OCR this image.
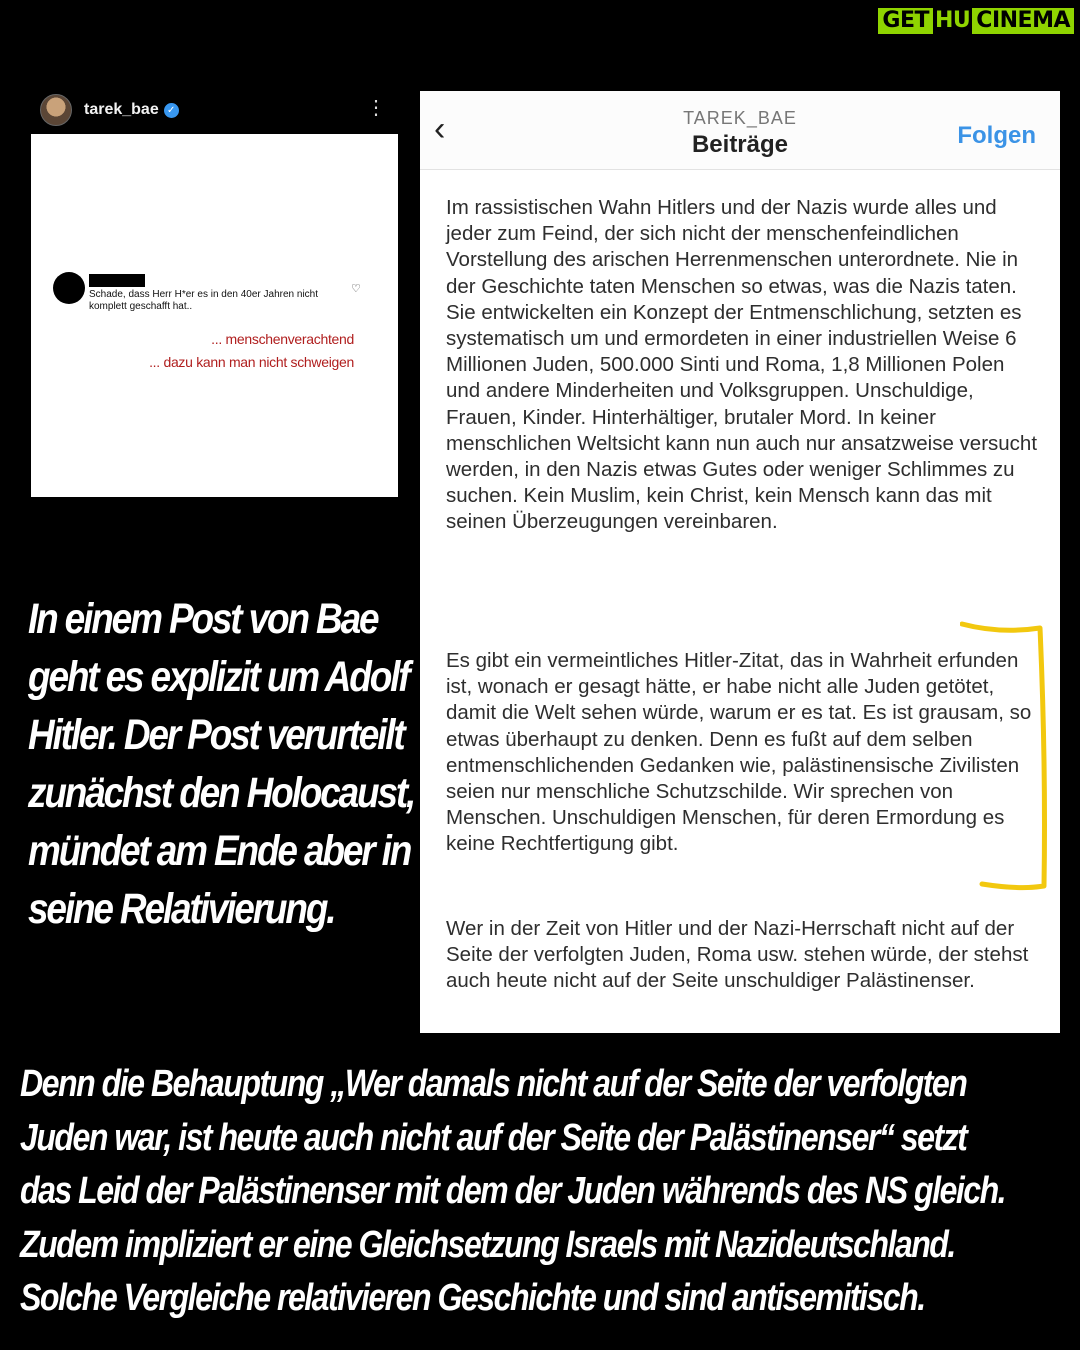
GET HU CINEMA
tarek_bae ✓	⋮
Schade, dass Herr H*er es in den 40er Jahren nicht komplett geschafft hat..
♡
... menschenverachtend
... dazu kann man nicht schweigen
In einem Post von Bae geht es explizit um Adolf Hitler. Der Post verurteilt zunächst den Holocaust, mündet am Ende aber in seine Relativierung.
‹	TAREK_BAE
Beiträge	Folgen
Im rassistischen Wahn Hitlers und der Nazis wurde alles und jeder zum Feind, der sich nicht der menschenfeindlichen Vorstellung des arischen Herrenmenschen unterordnete. Nie in der Geschichte taten Menschen so etwas, was die Nazis taten. Sie entwickelten ein Konzept der Entmenschlichung, setzten es systematisch um und ermordeten in einer industriellen Weise 6 Millionen Juden, 500.000 Sinti und Roma, 1,8 Millionen Polen und andere Minderheiten und Volksgruppen. Unschuldige, Frauen, Kinder. Hinterhältiger, brutaler Mord. In keiner menschlichen Weltsicht kann nun auch nur ansatzweise versucht werden, in den Nazis etwas Gutes oder weniger Schlimmes zu suchen. Kein Muslim, kein Christ, kein Mensch kann das mit seinen Überzeugungen vereinbaren.
Es gibt ein vermeintliches Hitler-Zitat, das in Wahrheit erfunden ist, wonach er gesagt hätte, er habe nicht alle Juden getötet, damit die Welt sehen würde, warum er es tat. Es ist grausam, so etwas überhaupt zu denken. Denn es fußt auf dem selben entmenschlichenden Gedanken wie, palästinensische Zivilisten seien nur menschliche Schutzschilde. Wir sprechen von Menschen. Unschuldigen Menschen, für deren Ermordung es keine Rechtfertigung gibt.
Wer in der Zeit von Hitler und der Nazi-Herrschaft nicht auf der Seite der verfolgten Juden, Roma usw. stehen würde, der stehst auch heute nicht auf der Seite unschuldiger Palästinenser.
Denn die Behauptung „Wer damals nicht auf der Seite der verfolgten
Juden war, ist heute auch nicht auf der Seite der Palästinenser“ setzt
das Leid der Palästinenser mit dem der Juden währends des NS gleich.
Zudem impliziert er eine Gleichsetzung Israels mit Nazideutschland.
Solche Vergleiche relativieren Geschichte und sind antisemitisch.
